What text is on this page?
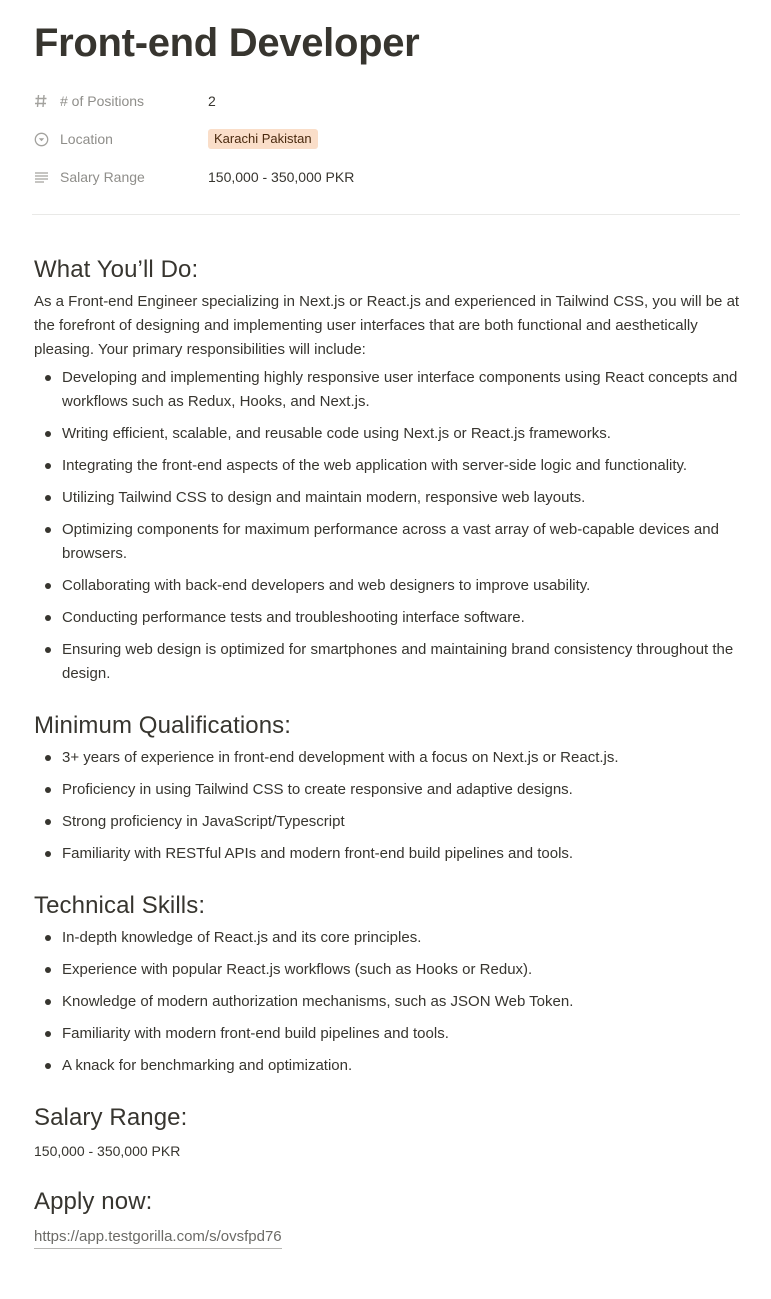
Front-end Developer
# of Positions	2
Location	Karachi Pakistan
Salary Range	150,000 - 350,000 PKR
What You’ll Do:

As a Front-end Engineer specializing in Next.js or React.js and experienced in Tailwind CSS, you will be at the forefront of designing and implementing user interfaces that are both functional and aesthetically pleasing. Your primary responsibilities will include:

Developing and implementing highly responsive user interface components using React concepts and workflows such as Redux, Hooks, and Next.js.
Writing efficient, scalable, and reusable code using Next.js or React.js frameworks.
Integrating the front-end aspects of the web application with server-side logic and functionality.
Utilizing Tailwind CSS to design and maintain modern, responsive web layouts.
Optimizing components for maximum performance across a vast array of web-capable devices and browsers.
Collaborating with back-end developers and web designers to improve usability.
Conducting performance tests and troubleshooting interface software.
Ensuring web design is optimized for smartphones and maintaining brand consistency throughout the design.
Minimum Qualifications:
3+ years of experience in front-end development with a focus on Next.js or React.js.
Proficiency in using Tailwind CSS to create responsive and adaptive designs.
Strong proficiency in JavaScript/Typescript
Familiarity with RESTful APIs and modern front-end build pipelines and tools.
Technical Skills:
In-depth knowledge of React.js and its core principles.
Experience with popular React.js workflows (such as Hooks or Redux).
Knowledge of modern authorization mechanisms, such as JSON Web Token.
Familiarity with modern front-end build pipelines and tools.
A knack for benchmarking and optimization.
Salary Range:
150,000 - 350,000 PKR
Apply now:
https://app.testgorilla.com/s/ovsfpd76
